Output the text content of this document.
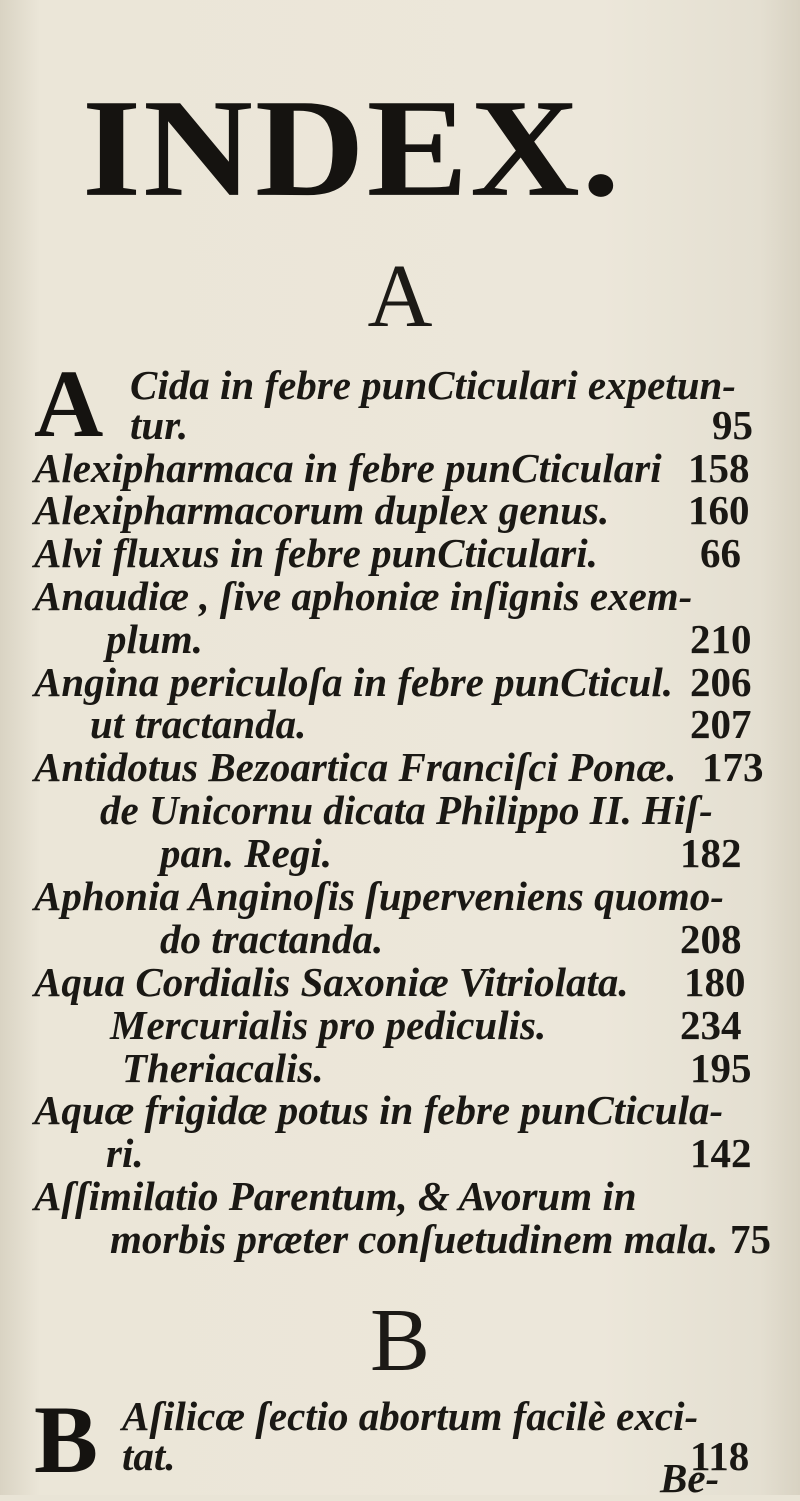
INDEX.
A
A Cida in febre punCticulari expetun-
tur.	95
Alexipharmaca in febre punCticulari 158
Alexipharmacorum duplex genus. 160
Alvi fluxus in febre punCticulari. 66
Anaudiæ , ſive aphoniæ inſignis exem-
plum.	210
Angina periculoſa in febre punCticul. 206
ut tractanda.	207
Antidotus Bezoartica Franciſci Ponæ. 173
de Unicornu dicata Philippo II. Hiſ-
pan. Regi.	182
Aphonia Anginoſis ſuperveniens quomo-
do tractanda.	208
Aqua Cordialis Saxoniæ Vitriolata. 180
Mercurialis pro pediculis.	234
Theriacalis.	195
Aquæ frigidæ potus in febre punCticula-
ri.	142
Aſſimilatio Parentum, & Avorum in
morbis præter conſuetudinem mala. 75
B
B Aſilicæ ſectio abortum facilè exci-
tat.	118
Be-
